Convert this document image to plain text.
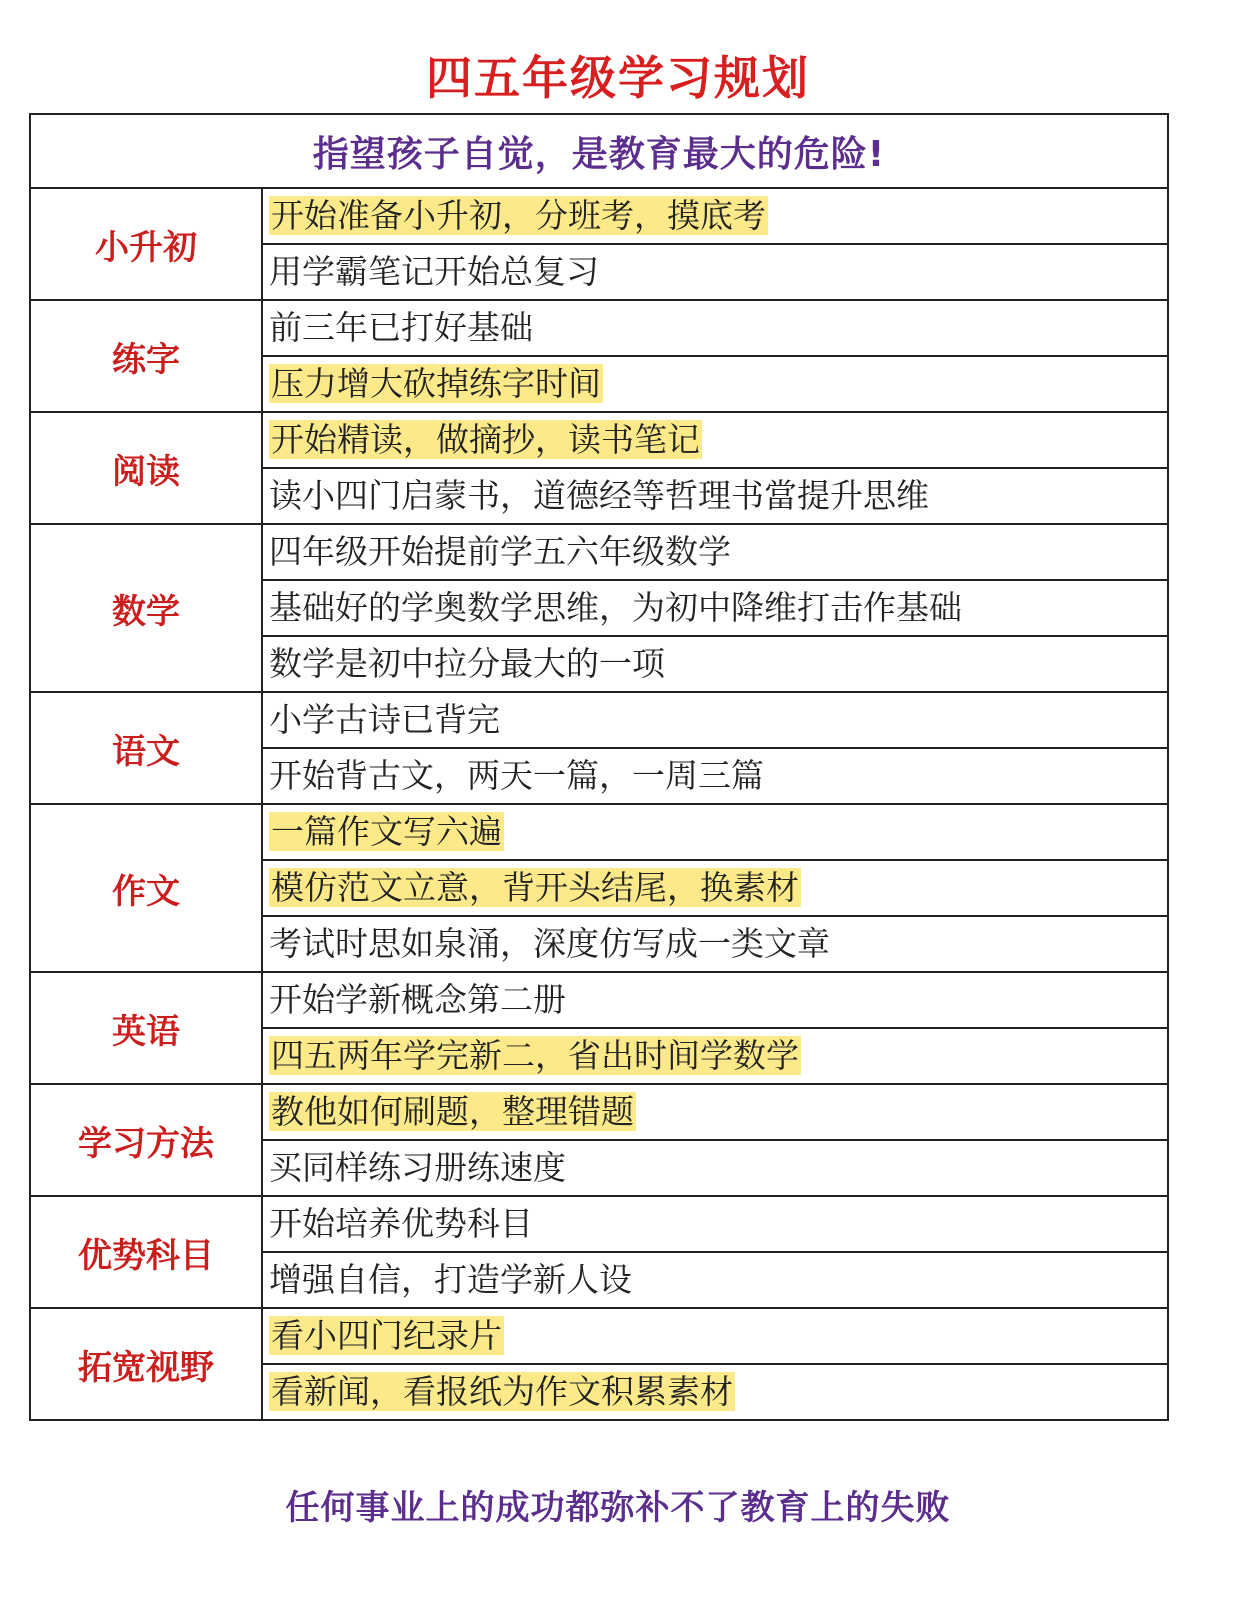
四五年级学习规划
指望孩子自觉，是教育最大的危险!	
小升初	开始准备小升初，分班考，摸底考
	用学霸笔记开始总复习
练字	前三年已打好基础
	压力增大砍掉练字时间
阅读	开始精读，做摘抄，读书笔记
	读小四门启蒙书，道德经等哲理书當提升思维
数学	四年级开始提前学五六年级数学
	基础好的学奥数学思维，为初中降维打击作基础
	数学是初中拉分最大的一项
语文	小学古诗已背完
	开始背古文，两天一篇，一周三篇
作文	一篇作文写六遍
	模仿范文立意，背开头结尾，换素材
	考试时思如泉涌，深度仿写成一类文章
英语	开始学新概念第二册
	四五两年学完新二，省出时间学数学
学习方法	教他如何刷题，整理错题
	买同样练习册练速度
优势科目	开始培养优势科目
	增强自信，打造学新人设
拓宽视野	看小四门纪录片
	看新闻，看报纸为作文积累素材
任何事业上的成功都弥补不了教育上的失败
